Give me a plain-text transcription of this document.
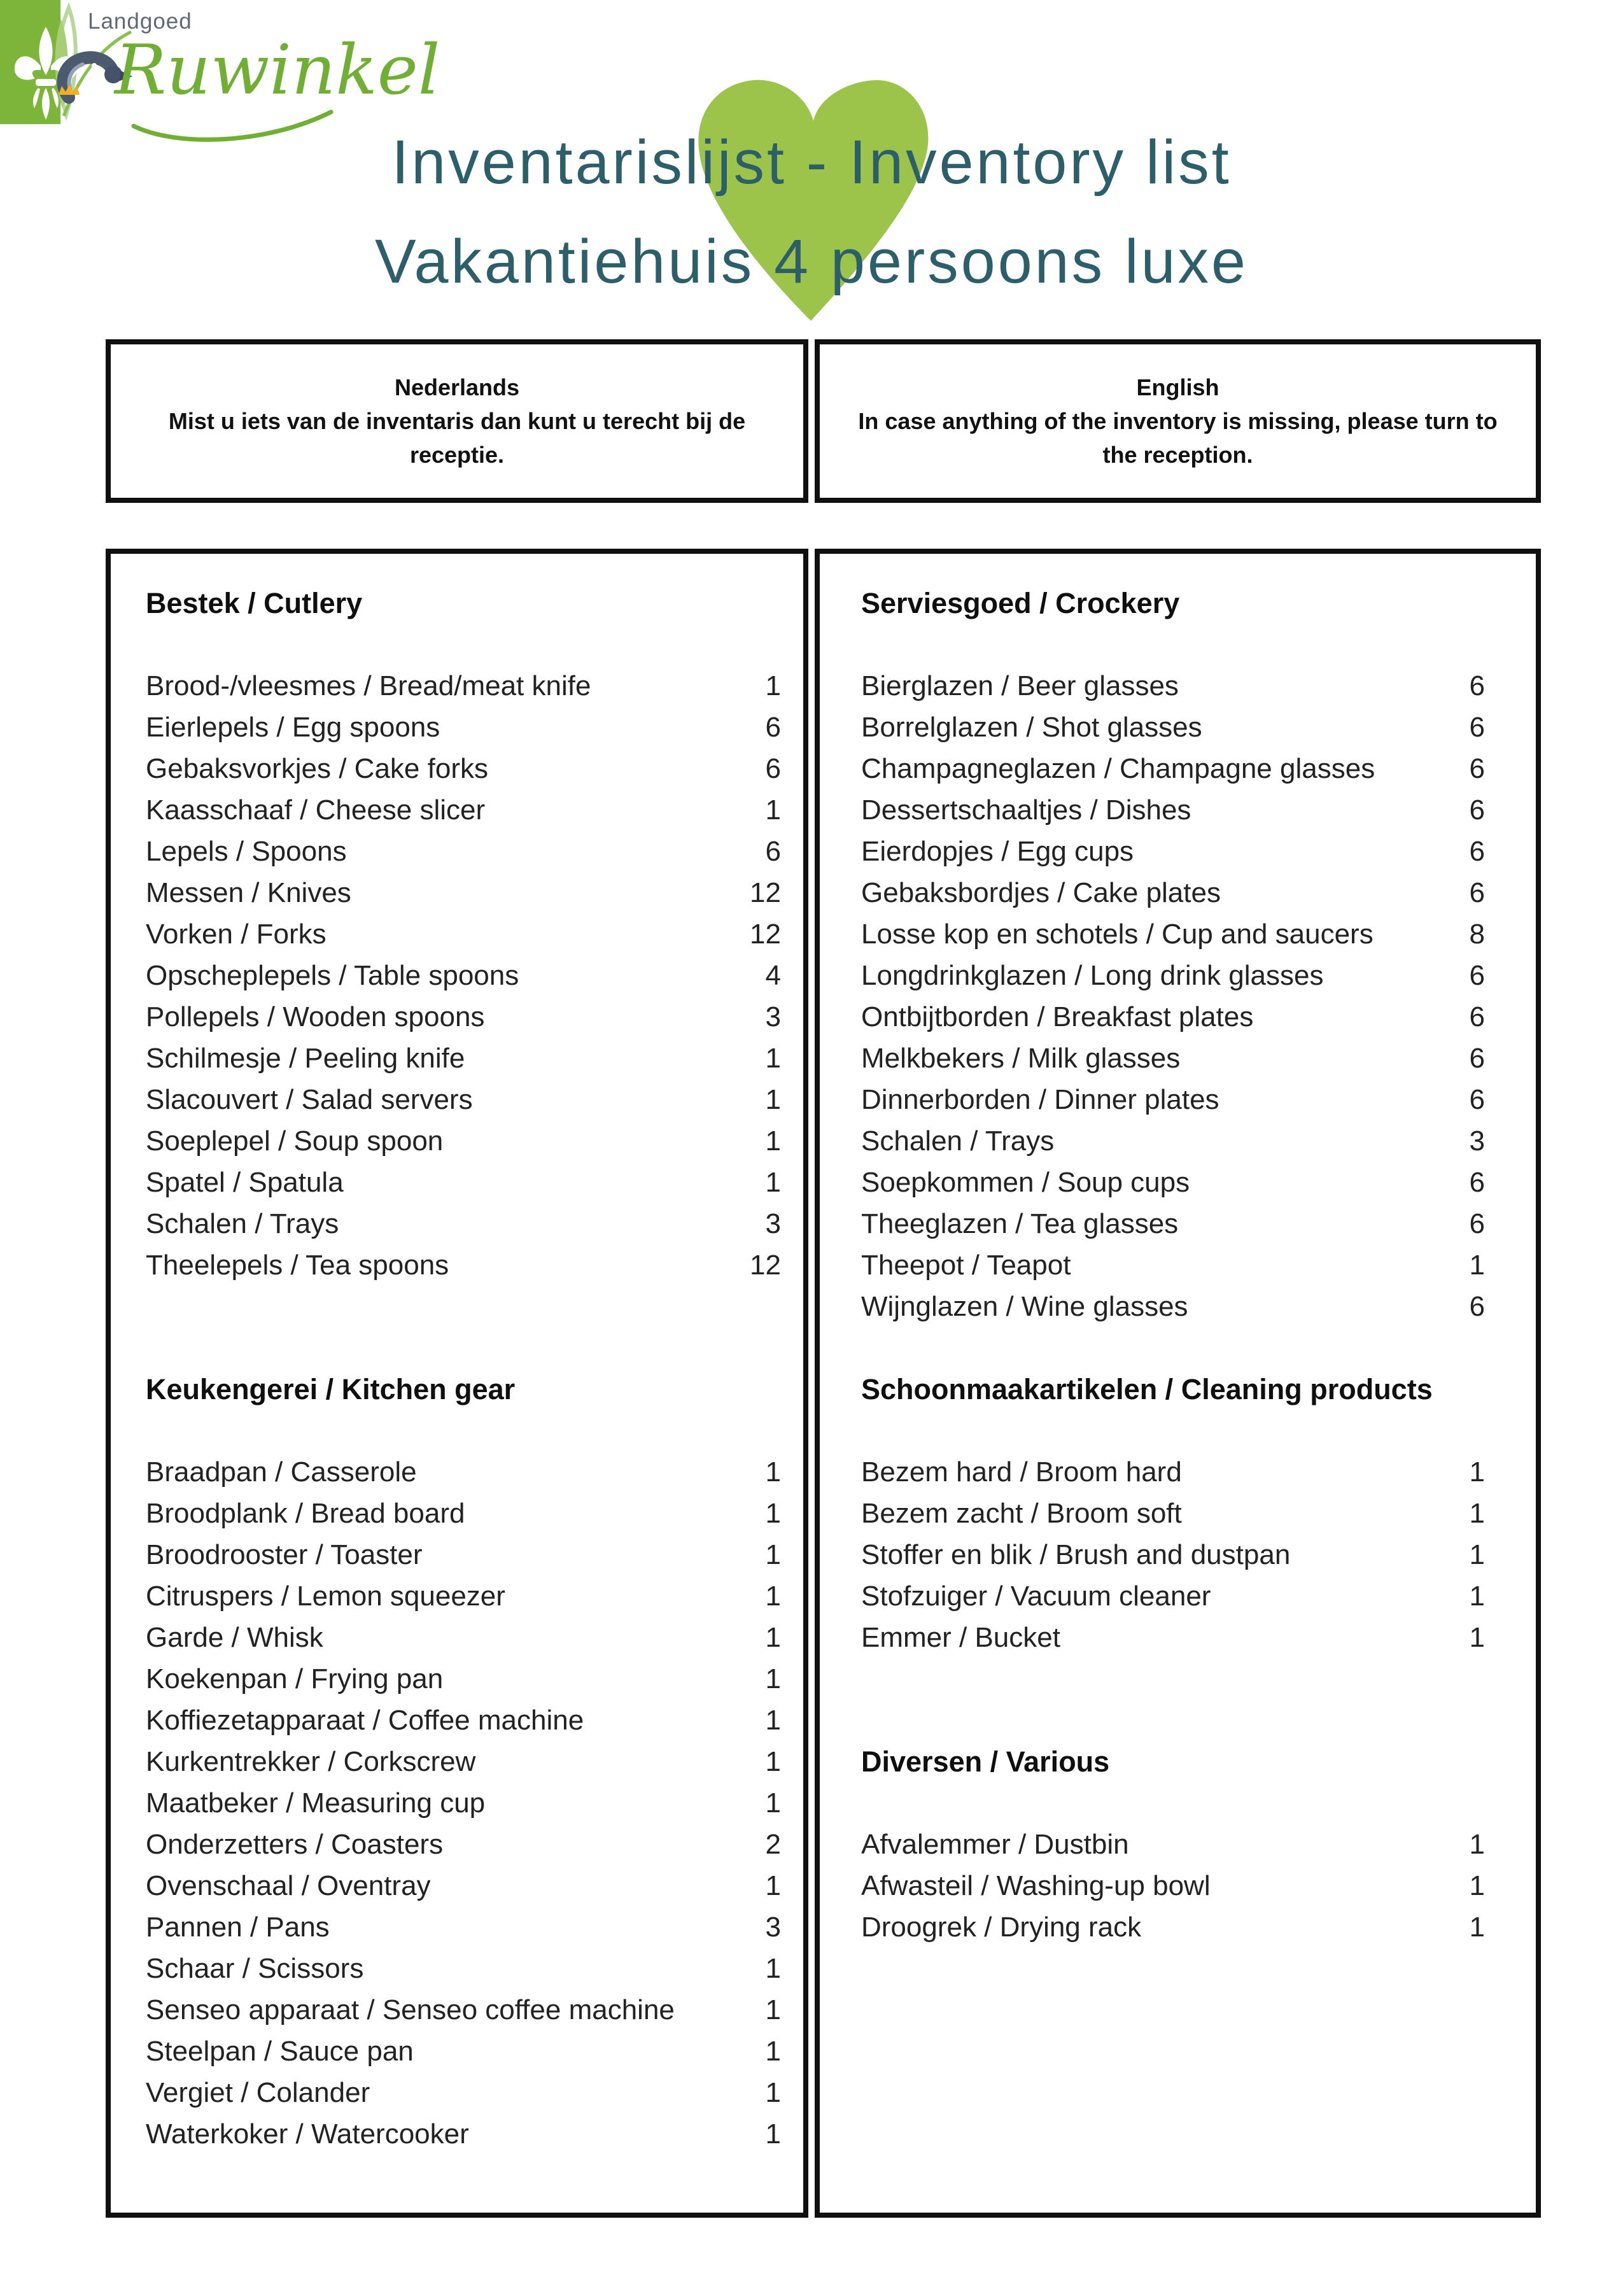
Landgoed
Ruwinkel
Inventarislijst - Inventory list
Vakantiehuis 4 persoons luxe
Nederlands
Mist u iets van de inventaris dan kunt u terecht bij de receptie.
English
In case anything of the inventory is missing, please turn to the reception.
Bestek / Cutlery
Brood-/vleesmes / Bread/meat knife	1
Eierlepels / Egg spoons	6
Gebaksvorkjes / Cake forks	6
Kaasschaaf / Cheese slicer	1
Lepels / Spoons	6
Messen / Knives	12
Vorken / Forks	12
Opscheplepels / Table spoons	4
Pollepels / Wooden spoons	3
Schilmesje / Peeling knife	1
Slacouvert / Salad servers	1
Soeplepel / Soup spoon	1
Spatel / Spatula	1
Schalen / Trays	3
Theelepels / Tea spoons	12
Keukengerei / Kitchen gear
Braadpan / Casserole	1
Broodplank / Bread board	1
Broodrooster / Toaster	1
Citruspers / Lemon squeezer	1
Garde / Whisk	1
Koekenpan / Frying pan	1
Koffiezetapparaat / Coffee machine	1
Kurkentrekker / Corkscrew	1
Maatbeker / Measuring cup	1
Onderzetters / Coasters	2
Ovenschaal / Oventray	1
Pannen / Pans	3
Schaar / Scissors	1
Senseo apparaat / Senseo coffee machine	1
Steelpan / Sauce pan	1
Vergiet / Colander	1
Waterkoker / Watercooker	1
Serviesgoed / Crockery
Bierglazen / Beer glasses	6
Borrelglazen / Shot glasses	6
Champagneglazen / Champagne glasses	6
Dessertschaaltjes / Dishes	6
Eierdopjes / Egg cups	6
Gebaksbordjes / Cake plates	6
Losse kop en schotels / Cup and saucers	8
Longdrinkglazen / Long drink glasses	6
Ontbijtborden / Breakfast plates	6
Melkbekers / Milk glasses	6
Dinnerborden / Dinner plates	6
Schalen / Trays	3
Soepkommen / Soup cups	6
Theeglazen / Tea glasses	6
Theepot / Teapot	1
Wijnglazen / Wine glasses	6
Schoonmaakartikelen / Cleaning products
Bezem hard / Broom hard	1
Bezem zacht / Broom soft	1
Stoffer en blik / Brush and dustpan	1
Stofzuiger / Vacuum cleaner	1
Emmer / Bucket	1
Diversen / Various
Afvalemmer / Dustbin	1
Afwasteil / Washing-up bowl	1
Droogrek / Drying rack	1
